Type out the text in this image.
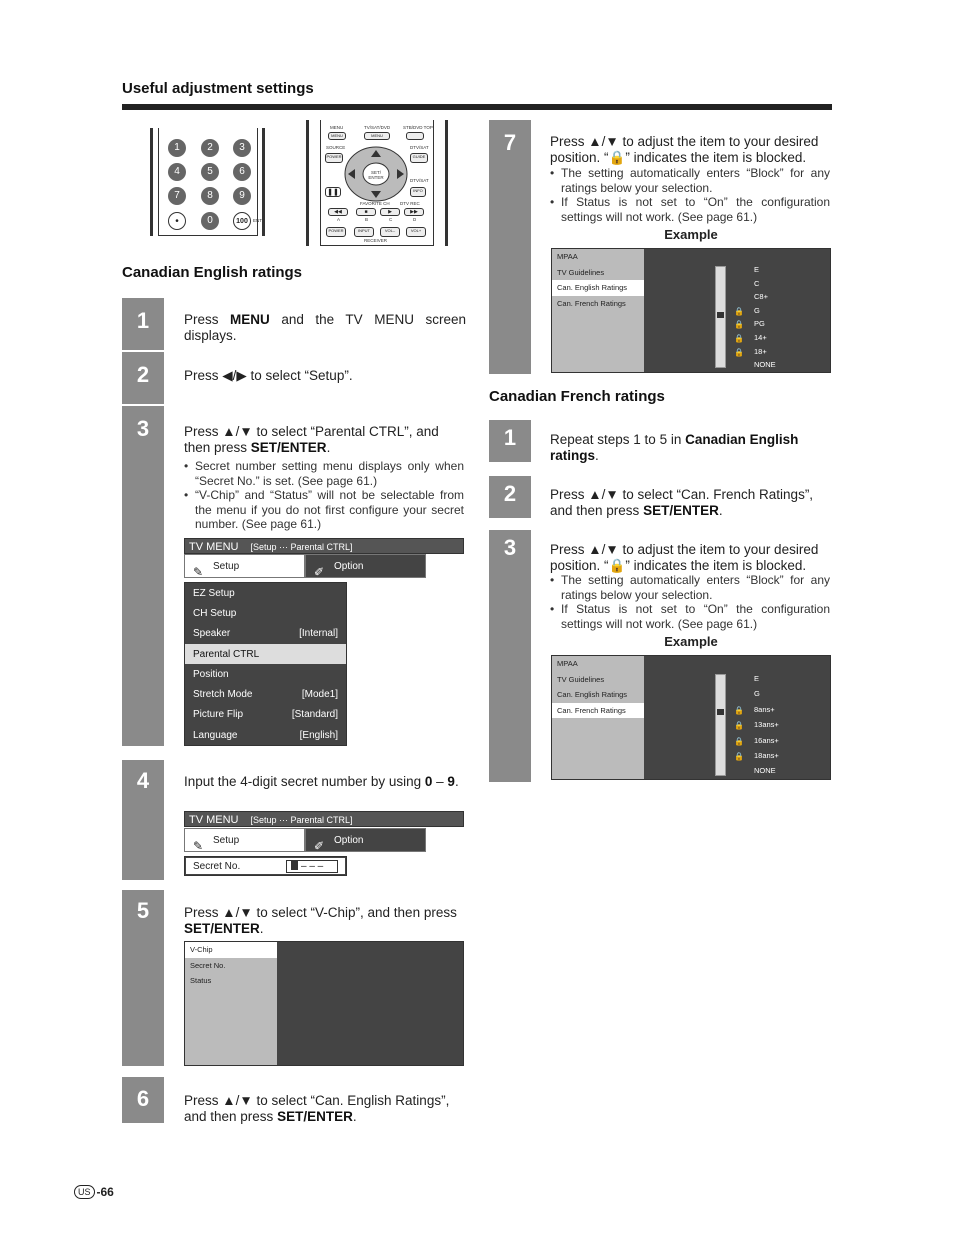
Useful adjustment settings
1	2	3
4	5	6
7	8	9
•	0	100	ENT
MENU	TV/SAT/DVD	STB/DVD TOP
MENU	MENU
SOURCE	DTV/SAT
POWER	GUIDE
SET/ ENTER
DTV/SAT
❚❚	INFO
FAVORITE CH DTV REC
◀◀	■	▶	▶▶
A	B	C	D
POWER	INPUT	VOL–	VOL+
RECEIVER
Canadian English ratings
1
2
3
4
5
6
Press MENU and the TV MENU screen displays.
Press ◀/▶ to select “Setup”.
Press ▲/▼ to select “Parental CTRL”, and then press SET/ENTER.
• Secret number setting menu displays only when “Secret No.” is set. (See page 61.)
• “V-Chip” and “Status” will not be selectable from the menu if you do not first configure your secret number. (See page 61.)
TV MENU [Setup ··· Parental CTRL]
✎ Setup	✐ Option
EZ Setup
CH Setup
Speaker	[Internal]
Parental CTRL
Position
Stretch Mode	[Mode1]
Picture Flip	[Standard]
Language	[English]
Input the 4-digit secret number by using 0 – 9.
TV MENU [Setup ··· Parental CTRL]
✎ Setup	✐ Option
Secret No.	– – –
Press ▲/▼ to select “V-Chip”, and then press SET/ENTER.
V-Chip
Secret No.
Status
Press ▲/▼ to select “Can. English Ratings”, and then press SET/ENTER.
7	Press ▲/▼ to adjust the item to your desired position. “🔒” indicates the item is blocked.
• The setting automatically enters “Block” for any ratings below your selection.
• If Status is not set to “On” the configuration settings will not work. (See page 61.)
Example
MPAA
TV Guidelines
Can. English Ratings
Can. French Ratings
E
C
C8+
🔒 G
🔒 PG
🔒 14+
🔒 18+
NONE
Canadian French ratings
1
2
3
Repeat steps 1 to 5 in Canadian English ratings.
Press ▲/▼ to select “Can. French Ratings”, and then press SET/ENTER.
Press ▲/▼ to adjust the item to your desired position. “🔒” indicates the item is blocked.
• The setting automatically enters “Block” for any ratings below your selection.
• If Status is not set to “On” the configuration settings will not work. (See page 61.)
Example
MPAA
TV Guidelines
Can. English Ratings
Can. French Ratings
E
G
🔒 8ans+
🔒 13ans+
🔒 16ans+
🔒 18ans+
NONE
US -66
